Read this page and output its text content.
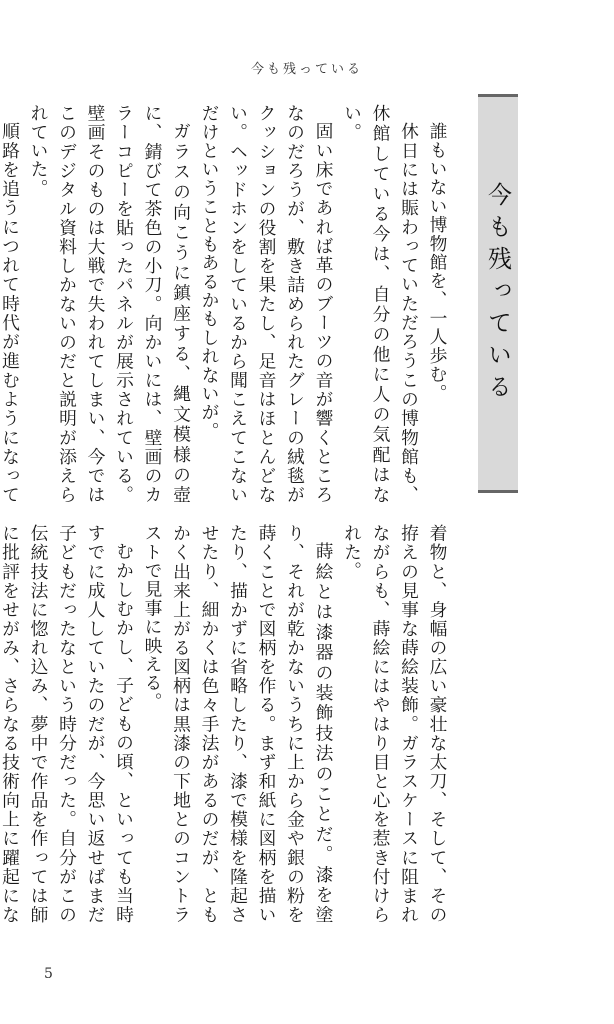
今も残っている
今も残っている

誰もいない博物館を、一人歩む。

休日には賑わっていただろうこの博物館も、休館している今は、自分の他に人の気配はない。

固い床であれば革のブーツの音が響くところなのだろうが、敷き詰められたグレーの絨毯がクッションの役割を果たし、足音はほとんどない。ヘッドホンをしているから聞こえてこないだけということもあるかもしれないが。

ガラスの向こうに鎮座する、縄文模様の壺に、錆びて茶色の小刀。向かいには、壁画のカラーコピーを貼ったパネルが展示されている。壁画そのものは大戦で失われてしまい、今ではこのデジタル資料しかないのだと説明が添えられていた。

順路を追うにつれて時代が進むようになって

着物と、身幅の広い豪壮な太刀、そして、その拵えの見事な蒔絵装飾。ガラスケースに阻まれながらも、蒔絵にはやはり目と心を惹き付けられた。

蒔絵とは漆器の装飾技法のことだ。漆を塗り、それが乾かないうちに上から金や銀の粉を蒔くことで図柄を作る。まず和紙に図柄を描いたり、描かずに省略したり、漆で模様を隆起させたり、細かくは色々手法があるのだが、ともかく出来上がる図柄は黒漆の下地とのコントラストで見事に映える。

むかしむかし、子どもの頃、といっても当時すでに成人していたのだが、今思い返せばまだ子どもだったなという時分だった。自分がこの伝統技法に惚れ込み、夢中で作品を作っては師に批評をせがみ、さらなる技術向上に躍起にな

5
